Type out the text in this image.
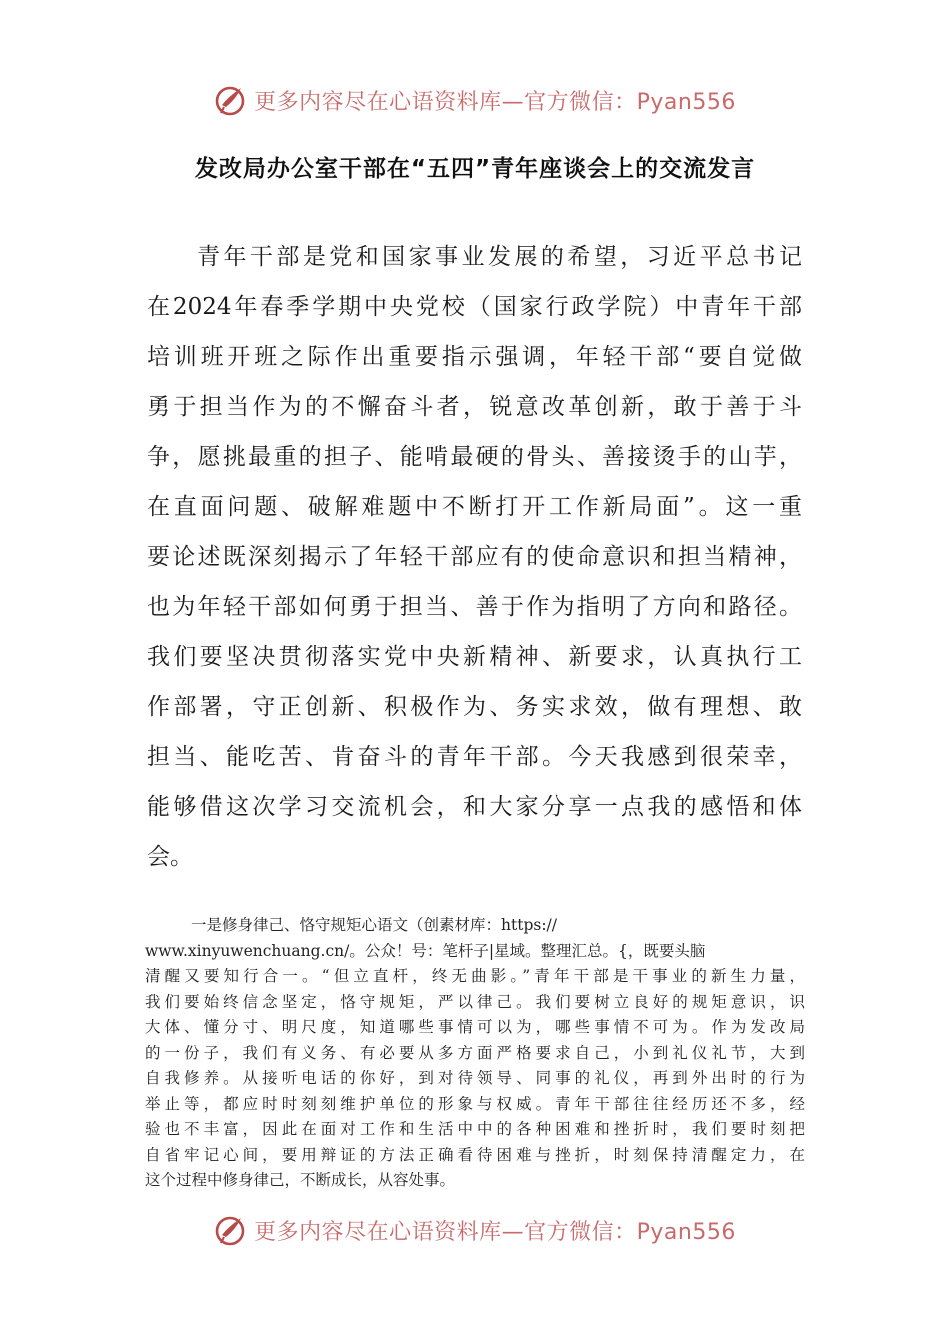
更多内容尽在心语资料库—官方微信：Pyan556
发改局办公室干部在“五四”青年座谈会上的交流发言
青年干部是党和国家事业发展的希望，习近平总书记
在2024年春季学期中央党校（国家行政学院）中青年干部
培训班开班之际作出重要指示强调，年轻干部“要自觉做
勇于担当作为的不懈奋斗者，锐意改革创新，敢于善于斗
争，愿挑最重的担子、能啃最硬的骨头、善接烫手的山芋，
在直面问题、破解难题中不断打开工作新局面”。这一重
要论述既深刻揭示了年轻干部应有的使命意识和担当精神，
也为年轻干部如何勇于担当、善于作为指明了方向和路径。
我们要坚决贯彻落实党中央新精神、新要求，认真执行工
作部署，守正创新、积极作为、务实求效，做有理想、敢
担当、能吃苦、肯奋斗的青年干部。今天我感到很荣幸，
能够借这次学习交流机会，和大家分享一点我的感悟和体
会。
一是修身律己、恪守规矩心语文（创素材库：https://
www.xinyuwenchuang.cn/。公众！号：笔杆子|星域。整理汇总。{，既要头脑
清醒又要知行合一。“但立直杆，终无曲影。”青年干部是干事业的新生力量，
我们要始终信念坚定，恪守规矩，严以律己。我们要树立良好的规矩意识，识
大体、懂分寸、明尺度，知道哪些事情可以为，哪些事情不可为。作为发改局
的一份子，我们有义务、有必要从多方面严格要求自己，小到礼仪礼节，大到
自我修养。从接听电话的你好，到对待领导、同事的礼仪，再到外出时的行为
举止等，都应时时刻刻维护单位的形象与权威。青年干部往往经历还不多，经
验也不丰富，因此在面对工作和生活中中的各种困难和挫折时，我们要时刻把
自省牢记心间，要用辩证的方法正确看待困难与挫折，时刻保持清醒定力，在
这个过程中修身律己，不断成长，从容处事。
更多内容尽在心语资料库—官方微信：Pyan556
